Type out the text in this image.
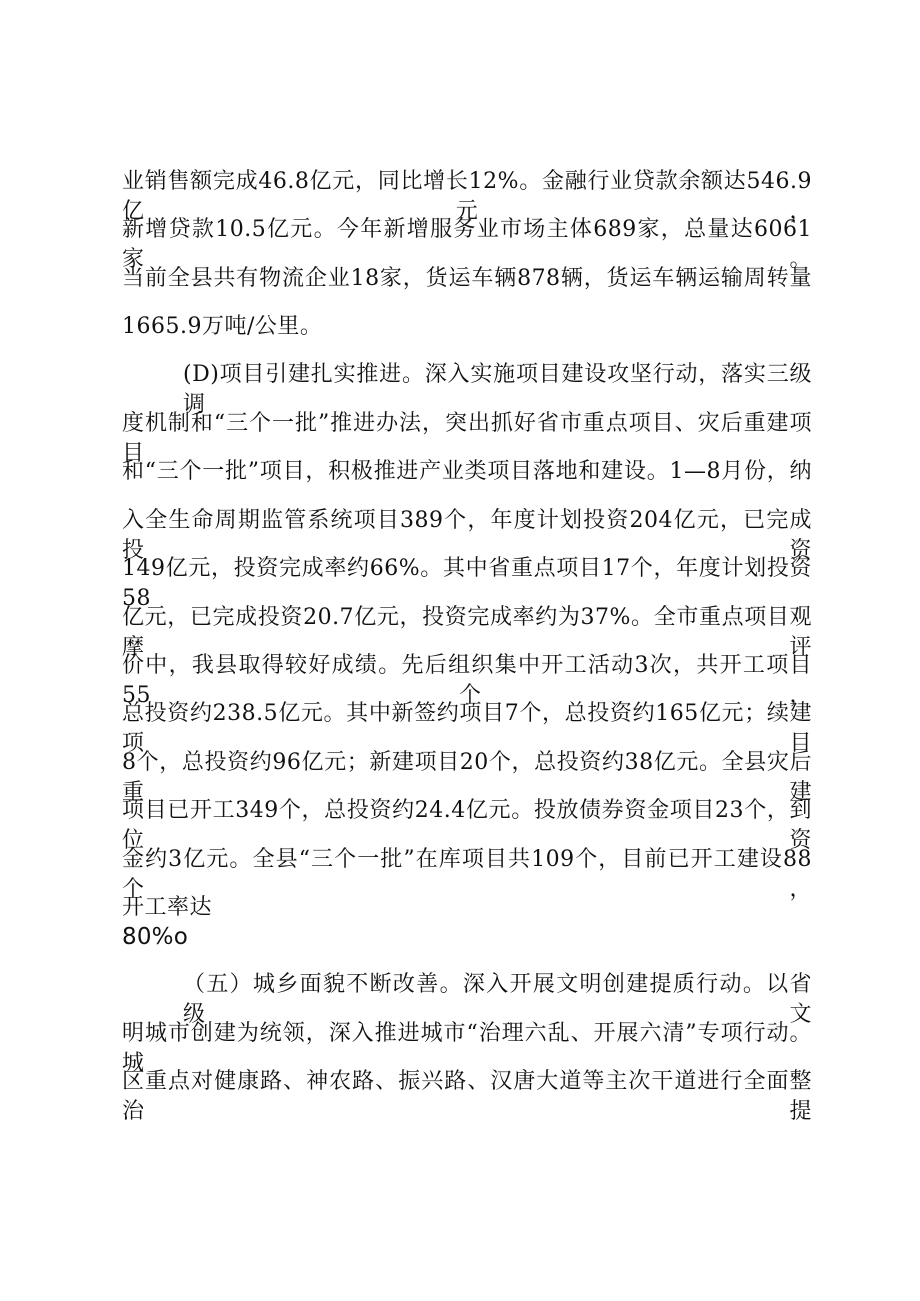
业销售额完成46.8亿元，同比增长12%。金融行业贷款余额达546.9亿元，
新增贷款10.5亿元。今年新增服务业市场主体689家，总量达6061家。
当前全县共有物流企业18家，货运车辆878辆，货运车辆运输周转量
1665.9万吨/公里。
(D)项目引建扎实推进。深入实施项目建设攻坚行动，落实三级调
度机制和“三个一批”推进办法，突出抓好省市重点项目、灾后重建项目
和“三个一批”项目，积极推进产业类项目落地和建设。1—8月份，纳
入全生命周期监管系统项目389个，年度计划投资204亿元，已完成投资
149亿元，投资完成率约66%。其中省重点项目17个，年度计划投资58
亿元，已完成投资20.7亿元，投资完成率约为37%。全市重点项目观摩评
价中，我县取得较好成绩。先后组织集中开工活动3次，共开工项目55个，
总投资约238.5亿元。其中新签约项目7个，总投资约165亿元；续建项目
8个，总投资约96亿元；新建项目20个，总投资约38亿元。全县灾后重建
项目已开工349个，总投资约24.4亿元。投放债券资金项目23个，到位资
金约3亿元。全县“三个一批”在库项目共109个，目前已开工建设88个，
开工率达
80%o
（五）城乡面貌不断改善。深入开展文明创建提质行动。以省级文
明城市创建为统领，深入推进城市“治理六乱、开展六清”专项行动。城
区重点对健康路、神农路、振兴路、汉唐大道等主次干道进行全面整治提
